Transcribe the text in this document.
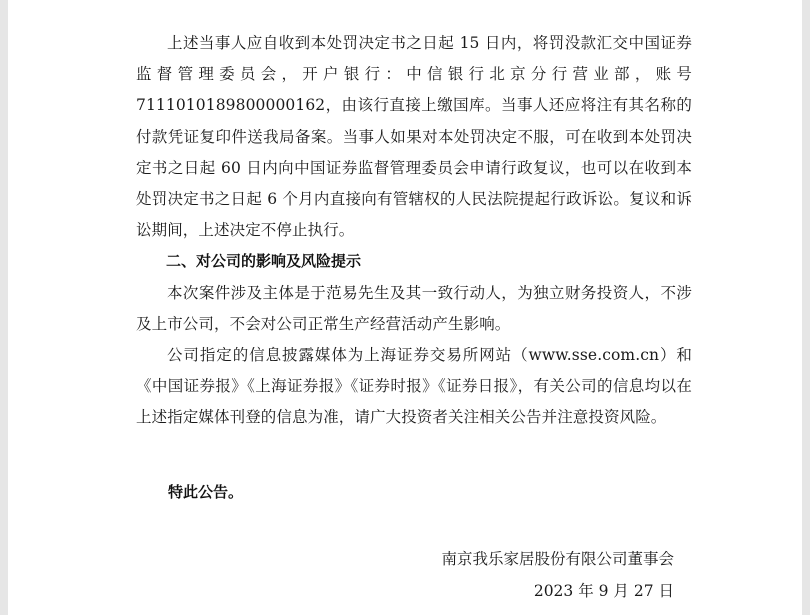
上述当事人应自收到本处罚决定书之日起 15 日内，将罚没款汇交中国证券监督管理委员会，开户银行：中信银行北京分行营业部，账号7111010189800000162，由该行直接上缴国库。当事人还应将注有其名称的付款凭证复印件送我局备案。当事人如果对本处罚决定不服，可在收到本处罚决定书之日起 60 日内向中国证券监督管理委员会申请行政复议，也可以在收到本处罚决定书之日起 6 个月内直接向有管辖权的人民法院提起行政诉讼。复议和诉讼期间，上述决定不停止执行。

二、对公司的影响及风险提示

本次案件涉及主体是于范易先生及其一致行动人，为独立财务投资人，不涉及上市公司，不会对公司正常生产经营活动产生影响。

公司指定的信息披露媒体为上海证券交易所网站（www.sse.com.cn）和《中国证券报》《上海证券报》《证券时报》《证券日报》，有关公司的信息均以在上述指定媒体刊登的信息为准，请广大投资者关注相关公告并注意投资风险。

特此公告。
南京我乐家居股份有限公司董事会
2023 年 9 月 27 日
